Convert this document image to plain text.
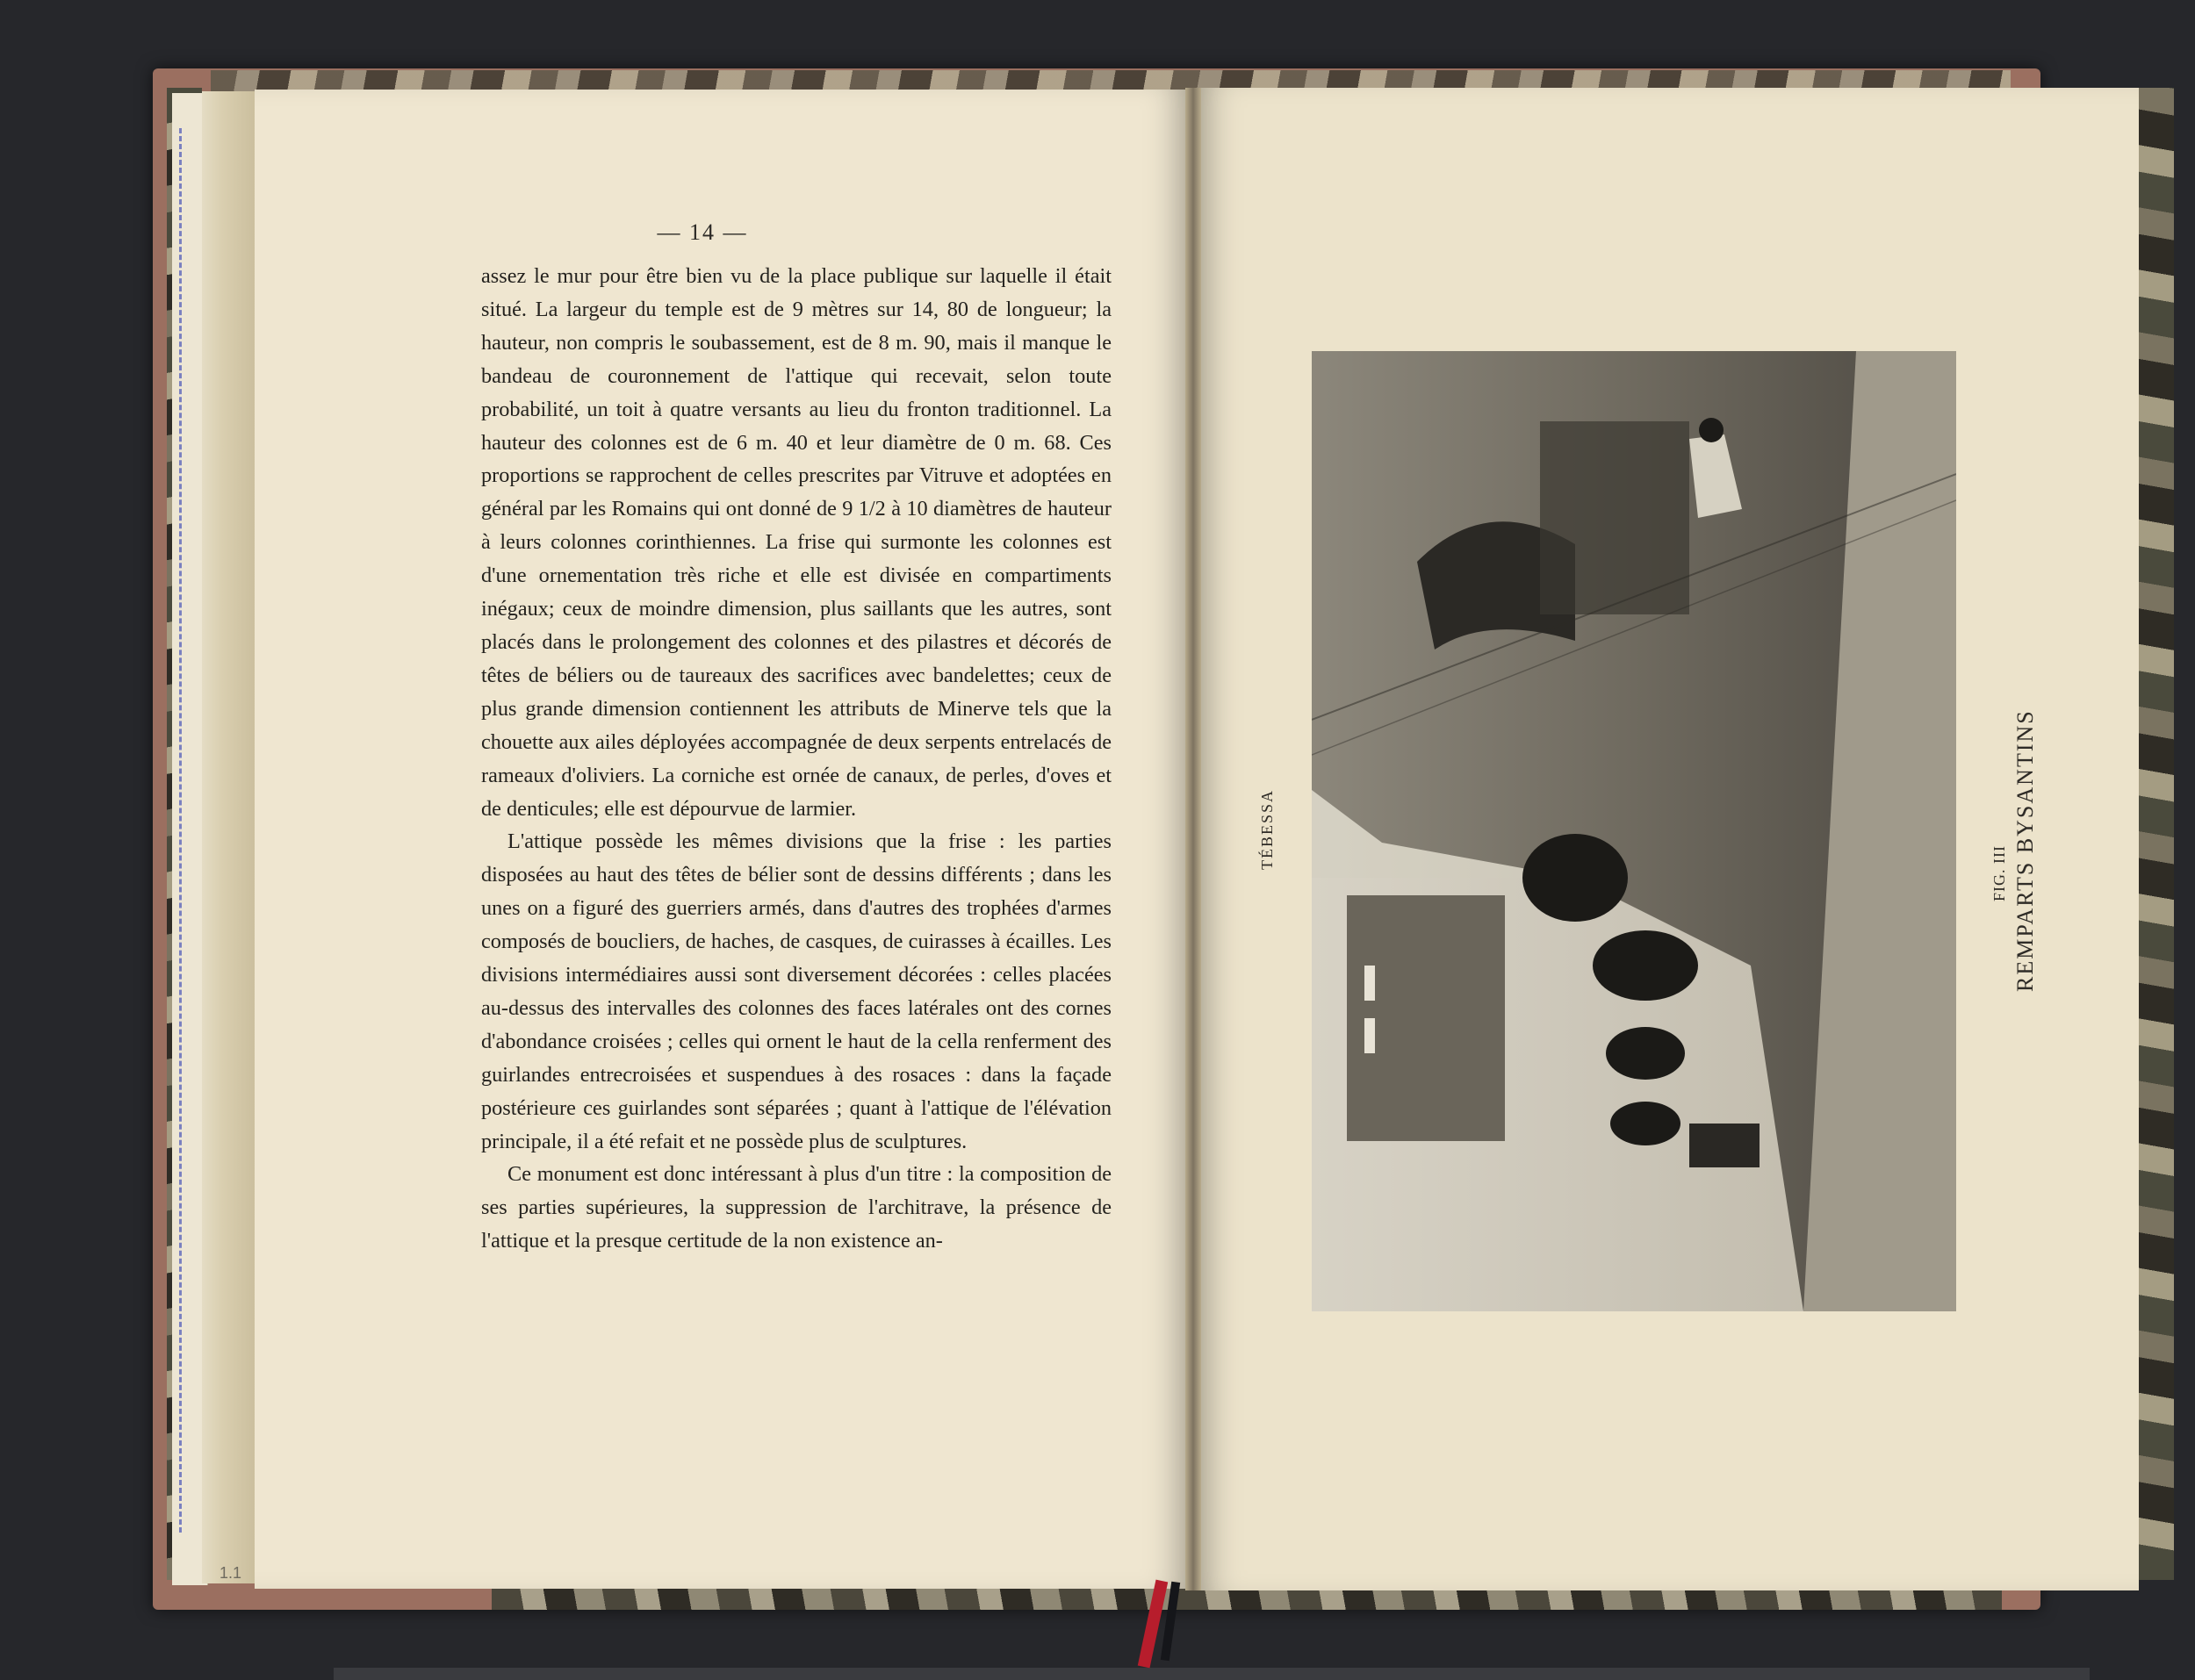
— 14 —

assez le mur pour être bien vu de la place publique sur laquelle il était situé. La largeur du temple est de 9 mètres sur 14, 80 de longueur; la hauteur, non compris le soubassement, est de 8 m. 90, mais il manque le bandeau de couronnement de l'attique qui recevait, selon toute probabilité, un toit à quatre versants au lieu du fronton traditionnel. La hauteur des colonnes est de 6 m. 40 et leur diamètre de 0 m. 68. Ces proportions se rapprochent de celles prescrites par Vitruve et adoptées en général par les Romains qui ont donné de 9 1/2 à 10 diamètres de hauteur à leurs colonnes corinthiennes. La frise qui surmonte les colonnes est d'une ornementation très riche et elle est divisée en compartiments inégaux; ceux de moindre dimension, plus saillants que les autres, sont placés dans le prolongement des colonnes et des pilastres et décorés de têtes de béliers ou de taureaux des sacrifices avec bandelettes; ceux de plus grande dimension contiennent les attributs de Minerve tels que la chouette aux ailes déployées accompagnée de deux serpents entrelacés de rameaux d'oliviers. La corniche est ornée de canaux, de perles, d'oves et de denticules; elle est dépourvue de larmier.

L'attique possède les mêmes divisions que la frise : les parties disposées au haut des têtes de bélier sont de dessins différents ; dans les unes on a figuré des guerriers armés, dans d'autres des trophées d'armes composés de boucliers, de haches, de casques, de cuirasses à écailles. Les divisions intermédiaires aussi sont diversement décorées : celles placées au-dessus des intervalles des colonnes des faces latérales ont des cornes d'abondance croisées ; celles qui ornent le haut de la cella renferment des guirlandes entrecroisées et suspendues à des rosaces : dans la façade postérieure ces guirlandes sont séparées ; quant à l'attique de l'élévation principale, il a été refait et ne possède plus de sculptures.

Ce monument est donc intéressant à plus d'un titre : la composition de ses parties supérieures, la suppression de l'architrave, la présence de l'attique et la presque certitude de la non existence an-

1.1
TÉBESSA
FIG. III REMPARTS BYSANTINS
